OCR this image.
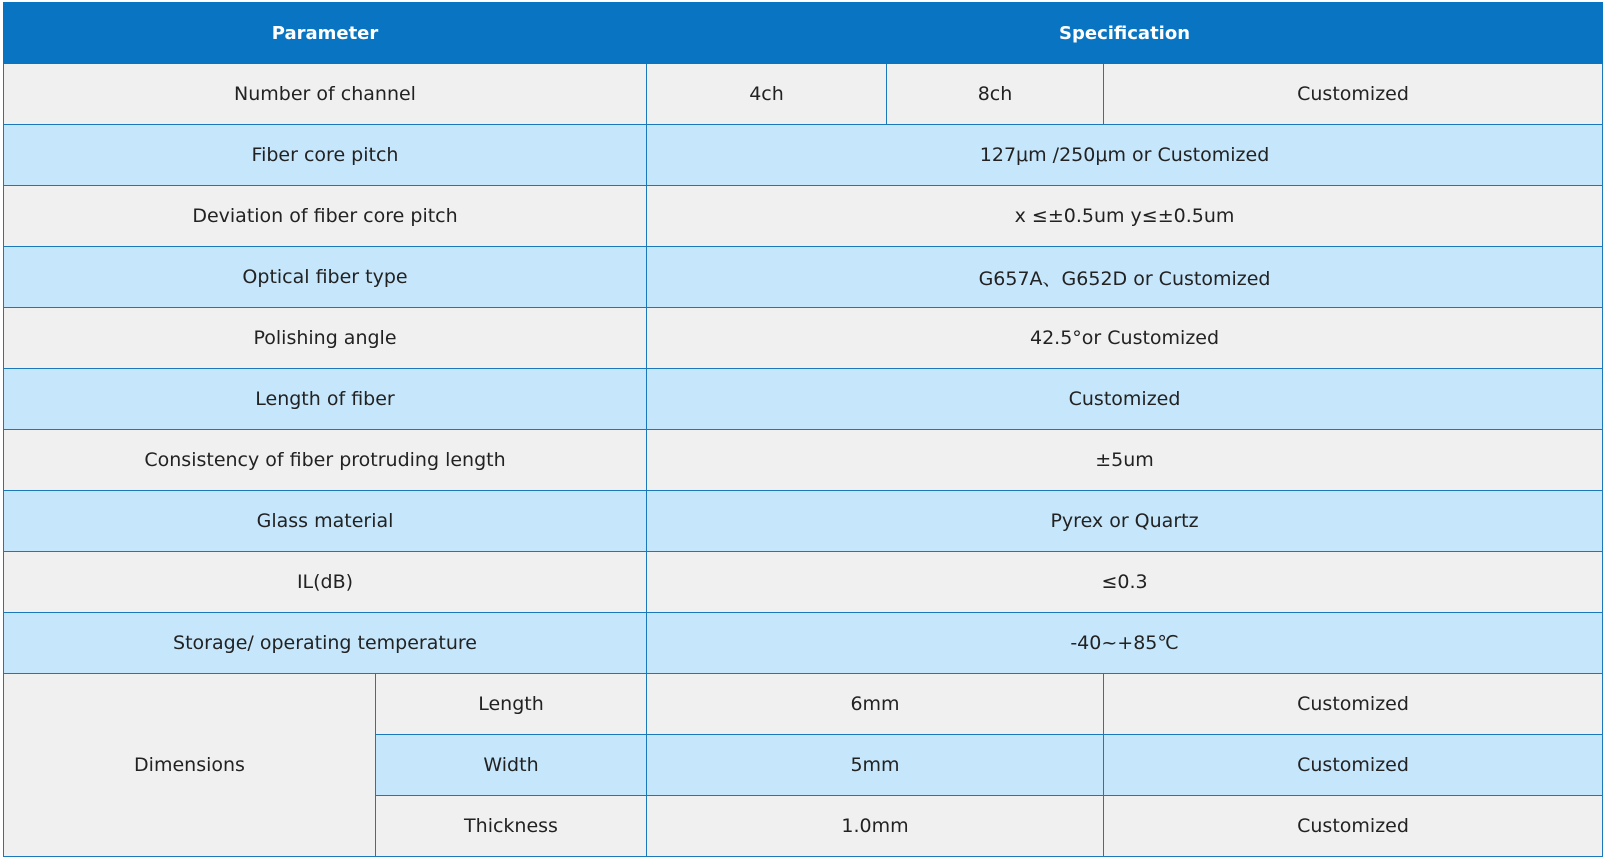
Parameter		Specification		
Number of channel		4ch	8ch	Customized
Fiber core pitch		127μm /250μm or Customized		
Deviation of fiber core pitch		x ≤±0.5um y≤±0.5um		
Optical fiber type		G657A、G652D or Customized		
Polishing angle		42.5°or Customized		
Length of fiber		Customized		
Consistency of fiber protruding length		±5um		
Glass material		Pyrex or Quartz		
IL(dB)		≤0.3		
Storage/ operating temperature		-40~+85℃		
Dimensions	Length	6mm		Customized
	Width	5mm		Customized
	Thickness	1.0mm		Customized
